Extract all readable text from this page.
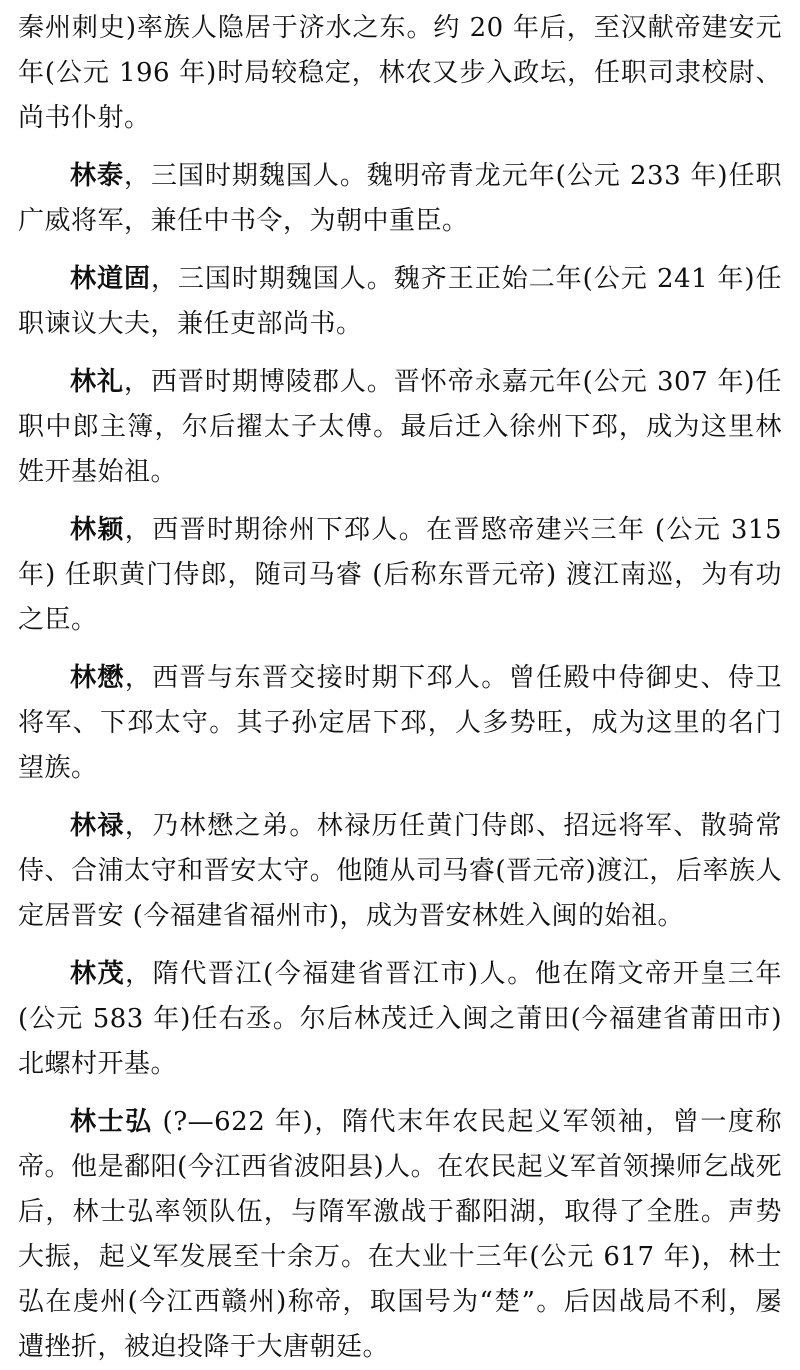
秦州刺史)率族人隐居于济水之东。约 20 年后，至汉献帝建安元年(公元 196 年)时局较稳定，林农又步入政坛，任职司隶校尉、尚书仆射。

林泰，三国时期魏国人。魏明帝青龙元年(公元 233 年)任职广威将军，兼任中书令，为朝中重臣。

林道固，三国时期魏国人。魏齐王正始二年(公元 241 年)任职谏议大夫，兼任吏部尚书。

林礼，西晋时期博陵郡人。晋怀帝永嘉元年(公元 307 年)任职中郎主簿，尔后擢太子太傅。最后迁入徐州下邳，成为这里林姓开基始祖。

林颖，西晋时期徐州下邳人。在晋愍帝建兴三年 (公元 315 年) 任职黄门侍郎，随司马睿 (后称东晋元帝) 渡江南巡，为有功之臣。

林懋，西晋与东晋交接时期下邳人。曾任殿中侍御史、侍卫将军、下邳太守。其子孙定居下邳，人多势旺，成为这里的名门望族。

林禄，乃林懋之弟。林禄历任黄门侍郎、招远将军、散骑常侍、合浦太守和晋安太守。他随从司马睿(晋元帝)渡江，后率族人定居晋安 (今福建省福州市)，成为晋安林姓入闽的始祖。

林茂，隋代晋江(今福建省晋江市)人。他在隋文帝开皇三年(公元 583 年)任右丞。尔后林茂迁入闽之莆田(今福建省莆田市)北螺村开基。

林士弘 (?—622 年)，隋代末年农民起义军领袖，曾一度称帝。他是鄱阳(今江西省波阳县)人。在农民起义军首领操师乞战死后，林士弘率领队伍，与隋军激战于鄱阳湖，取得了全胜。声势大振，起义军发展至十余万。在大业十三年(公元 617 年)，林士弘在虔州(今江西赣州)称帝，取国号为“楚”。后因战局不利，屡遭挫折，被迫投降于大唐朝廷。
